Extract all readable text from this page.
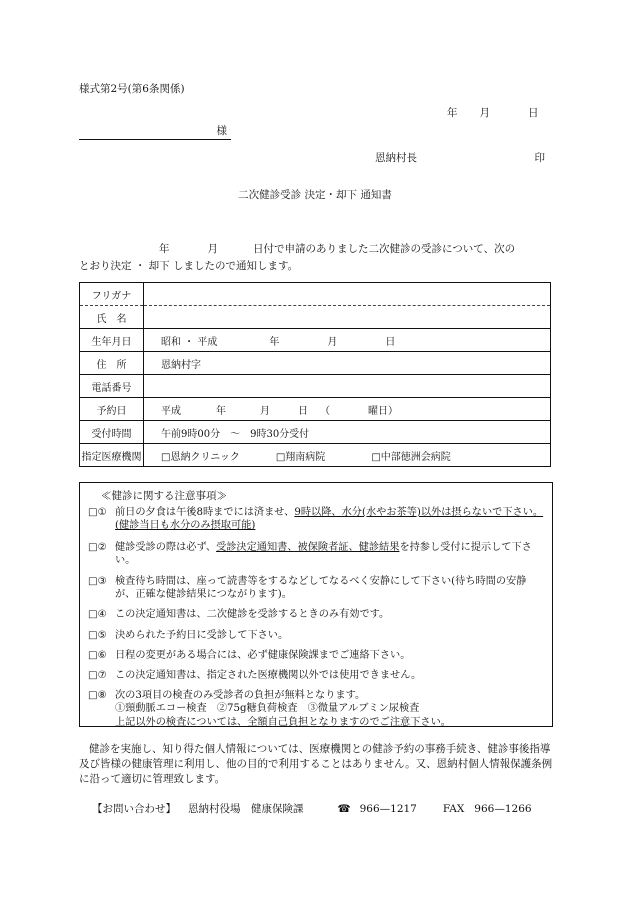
様式第2号(第6条関係)
年 月	日
様
恩納村長	印
二次健診受診 決定・却下 通知書
年	月	日付で申請のありました二次健診の受診について、次の
とおり決定 ・ 却下 しましたので通知します。
フリガナ	
氏　名	
生年月日	昭和 ・ 平成 年 月 日
住　所	恩納村字
電話番号	
予約日	平成 年 月 日 （ 曜日）
受付時間	午前9時00分 ～ 9時30分受付
指定医療機関	□恩納クリニック □翔南病院 □中部徳洲会病院
≪健診に関する注意事項≫
□① 前日の夕食は午後8時までには済ませ、9時以降、水分(水やお茶等)以外は摂らないで下さい。(健診当日も水分のみ摂取可能)
□② 健診受診の際は必ず、受診決定通知書、被保険者証、健診結果を持参し受付に提示して下さい。
□③ 検査待ち時間は、座って読書等をするなどしてなるべく安静にして下さい(待ち時間の安静が、正確な健診結果につながります)。
□④ この決定通知書は、二次健診を受診するときのみ有効です。
□⑤ 決められた予約日に受診して下さい。
□⑥ 日程の変更がある場合には、必ず健康保険課までご連絡下さい。
□⑦ この決定通知書は、指定された医療機関以外では使用できません。
□⑧ 次の3項目の検査のみ受診者の負担が無料となります。
①頸動脈エコー検査　②75g糖負荷検査　③微量アルブミン尿検査
上記以外の検査については、全額自己負担となりますのでご注意下さい。
健診を実施し、知り得た個人情報については、医療機関との健診予約の事務手続き、健診事後指導及び皆様の健康管理に利用し、他の目的で利用することはありません。又、恩納村個人情報保護条例に沿って適切に管理致します。
【お問い合わせ】 恩納村役場　健康保険課	☎ 966—1217 FAX 966—1266
